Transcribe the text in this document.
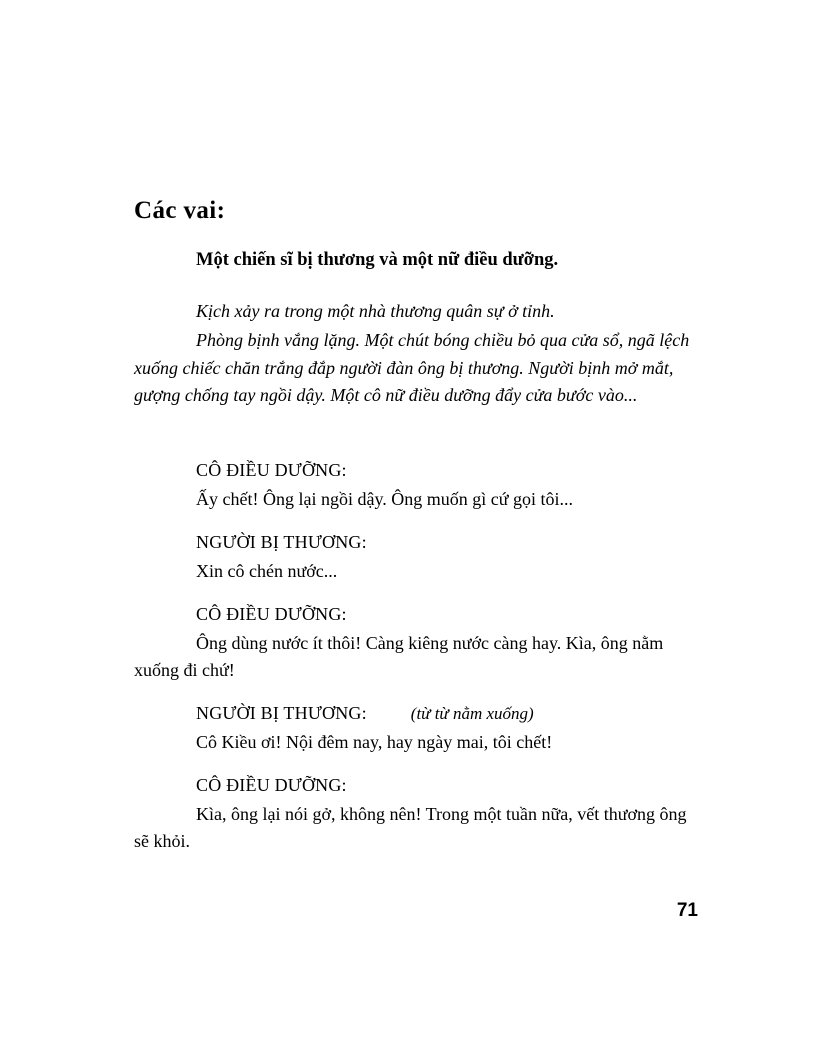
Các vai:

Một chiến sĩ bị thương và một nữ điều dưỡng.

Kịch xảy ra trong một nhà thương quân sự ở tỉnh.

Phòng bịnh vắng lặng. Một chút bóng chiều bỏ qua cửa sổ, ngã lệch xuống chiếc chăn trắng đắp người đàn ông bị thương. Người bịnh mở mắt, gượng chống tay ngồi dậy. Một cô nữ điều dưỡng đẩy cửa bước vào...

CÔ ĐIỀU DƯỠNG:

Ấy chết! Ông lại ngồi dậy. Ông muốn gì cứ gọi tôi...

NGƯỜI BỊ THƯƠNG:

Xin cô chén nước...

CÔ ĐIỀU DƯỠNG:

Ông dùng nước ít thôi! Càng kiêng nước càng hay. Kìa, ông nằm xuống đi chứ!

NGƯỜI BỊ THƯƠNG:	(từ từ nằm xuống)

Cô Kiều ơi! Nội đêm nay, hay ngày mai, tôi chết!

CÔ ĐIỀU DƯỠNG:

Kìa, ông lại nói gở, không nên! Trong một tuần nữa, vết thương ông sẽ khỏi.

71
